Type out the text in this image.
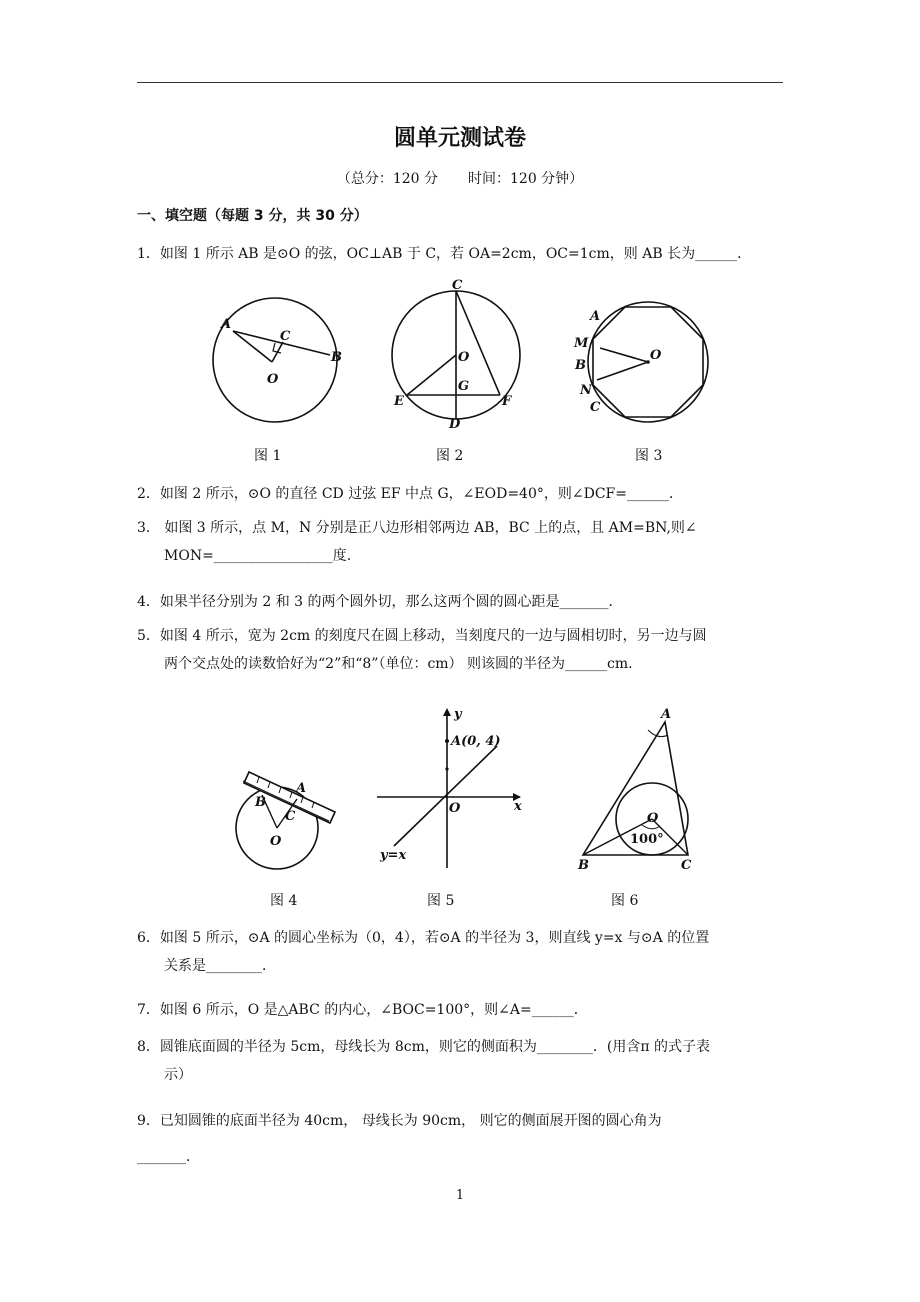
圆单元测试卷
（总分：120 分 时间：120 分钟）
一、填空题（每题 3 分，共 30 分）
1．如图 1 所示 AB 是⊙O 的弦，OC⊥AB 于 C，若 OA=2cm，OC=1cm，则 AB 长为______．
A
B
C
O
图 1
C
O
G
E	F
D
图 2
A
M
B
N
C
O
图 3
2．如图 2 所示，⊙O 的直径 CD 过弦 EF 中点 G，∠EOD=40°，则∠DCF=______．
3． 如图 3 所示，点 M，N 分别是正八边形相邻两边 AB，BC 上的点，且 AM=BN,则∠
MON=_________________度.
4．如果半径分别为 2 和 3 的两个圆外切，那么这两个圆的圆心距是_______．
5．如图 4 所示，宽为 2cm 的刻度尺在圆上移动，当刻度尺的一边与圆相切时，另一边与圆
两个交点处的读数恰好为“2”和“8”（单位：cm） 则该圆的半径为______cm.
A
B
C
O
图 4
y
A(0, 4)
O	x
y=x
图 5
A
O
100°
B	C
图 6
6．如图 5 所示，⊙A 的圆心坐标为（0，4），若⊙A 的半径为 3，则直线 y=x 与⊙A 的位置
关系是________．
7．如图 6 所示，O 是△ABC 的内心，∠BOC=100°，则∠A=______．
8．圆锥底面圆的半径为 5cm，母线长为 8cm，则它的侧面积为________．(用含π 的式子表
示）
9．已知圆锥的底面半径为 40cm， 母线长为 90cm， 则它的侧面展开图的圆心角为
_______．
1
